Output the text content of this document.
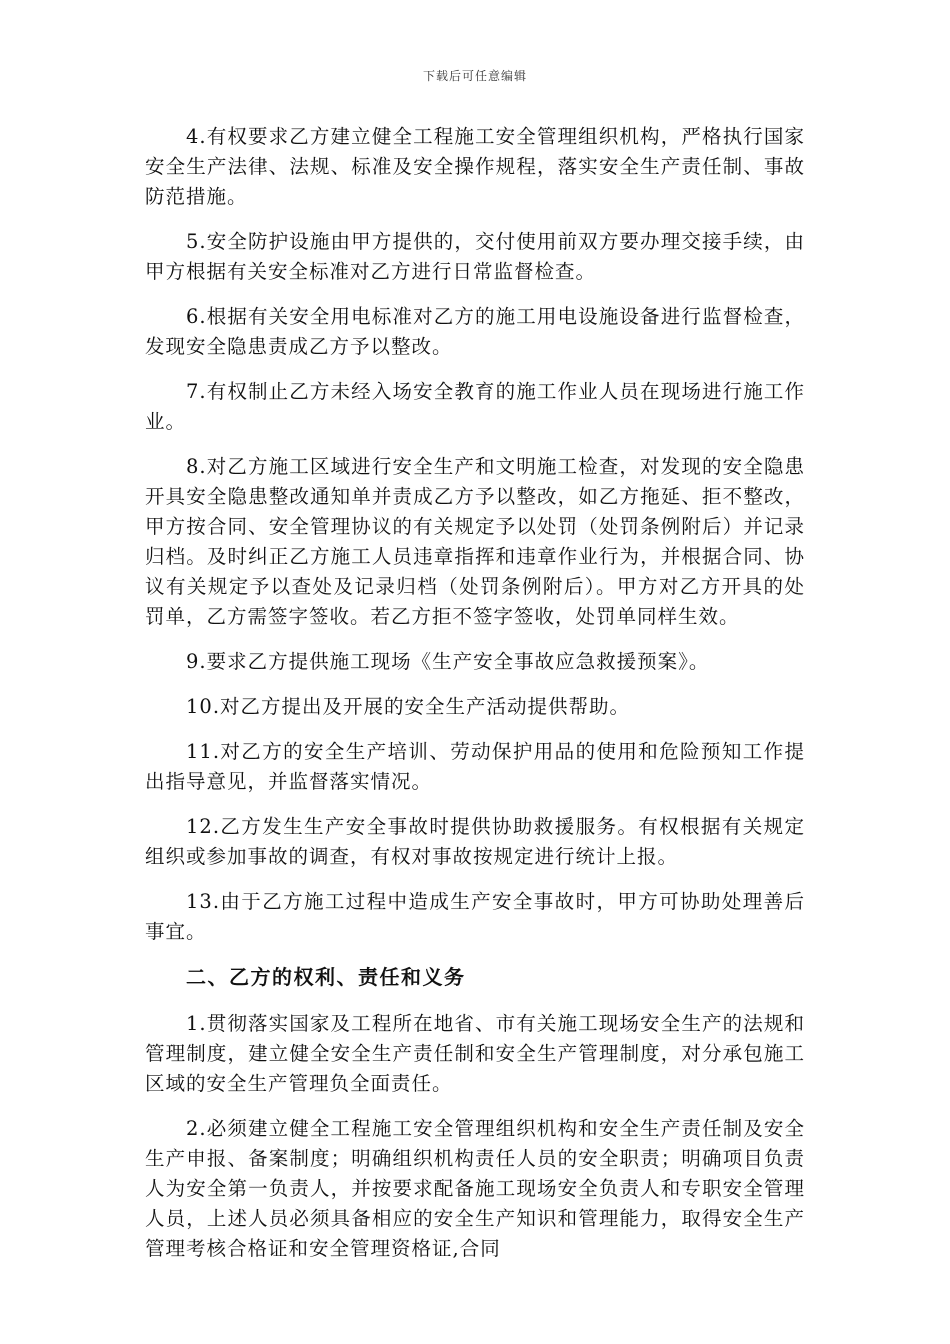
下载后可任意编辑

4.有权要求乙方建立健全工程施工安全管理组织机构，严格执行国家安全生产法律、法规、标准及安全操作规程，落实安全生产责任制、事故防范措施。

5.安全防护设施由甲方提供的，交付使用前双方要办理交接手续，由甲方根据有关安全标准对乙方进行日常监督检查。

6.根据有关安全用电标准对乙方的施工用电设施设备进行监督检查，发现安全隐患责成乙方予以整改。

7.有权制止乙方未经入场安全教育的施工作业人员在现场进行施工作业。

8.对乙方施工区域进行安全生产和文明施工检查，对发现的安全隐患开具安全隐患整改通知单并责成乙方予以整改，如乙方拖延、拒不整改，甲方按合同、安全管理协议的有关规定予以处罚（处罚条例附后）并记录归档。及时纠正乙方施工人员违章指挥和违章作业行为，并根据合同、协议有关规定予以查处及记录归档（处罚条例附后）。甲方对乙方开具的处罚单，乙方需签字签收。若乙方拒不签字签收，处罚单同样生效。

9.要求乙方提供施工现场《生产安全事故应急救援预案》。

10.对乙方提出及开展的安全生产活动提供帮助。

11.对乙方的安全生产培训、劳动保护用品的使用和危险预知工作提出指导意见，并监督落实情况。

12.乙方发生生产安全事故时提供协助救援服务。有权根据有关规定组织或参加事故的调查，有权对事故按规定进行统计上报。

13.由于乙方施工过程中造成生产安全事故时，甲方可协助处理善后事宜。

二、乙方的权利、责任和义务

1.贯彻落实国家及工程所在地省、市有关施工现场安全生产的法规和管理制度，建立健全安全生产责任制和安全生产管理制度，对分承包施工区域的安全生产管理负全面责任。

2.必须建立健全工程施工安全管理组织机构和安全生产责任制及安全生产申报、备案制度；明确组织机构责任人员的安全职责；明确项目负责人为安全第一负责人，并按要求配备施工现场安全负责人和专职安全管理人员，上述人员必须具备相应的安全生产知识和管理能力，取得安全生产管理考核合格证和安全管理资格证,合同
